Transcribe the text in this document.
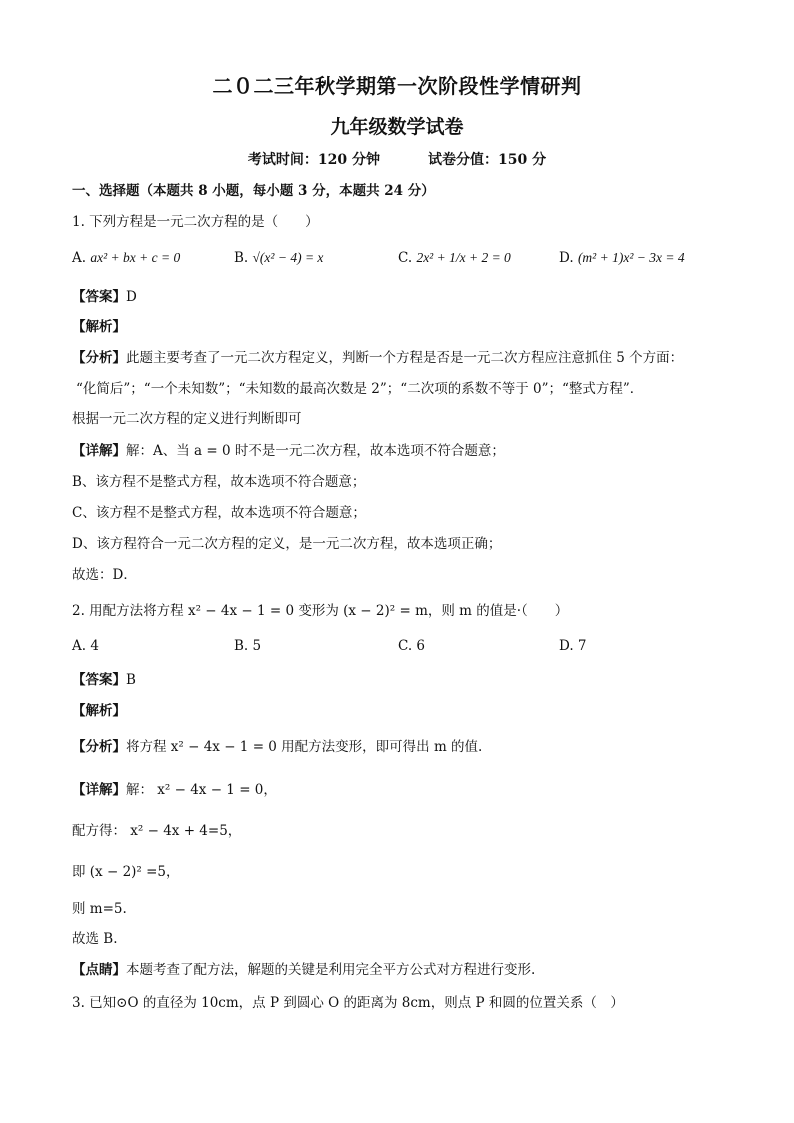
二０二三年秋学期第一次阶段性学情研判
九年级数学试卷
考试时间：120 分钟	试卷分值：150 分
一、选择题（本题共 8 小题，每小题 3 分，本题共 24 分）
1. 下列方程是一元二次方程的是（　　）
A. ax² + bx + c = 0	B. √(x² − 4) = x	C. 2x² + 1/x + 2 = 0	D. (m² + 1)x² − 3x = 4
【答案】D
【解析】
【分析】此题主要考查了一元二次方程定义，判断一个方程是否是一元二次方程应注意抓住 5 个方面：
“化简后”；“一个未知数”；“未知数的最高次数是 2”；“二次项的系数不等于 0”；“整式方程”．
根据一元二次方程的定义进行判断即可
【详解】解：A、当 a = 0 时不是一元二次方程，故本选项不符合题意；
B、该方程不是整式方程，故本选项不符合题意；
C、该方程不是整式方程，故本选项不符合题意；
D、该方程符合一元二次方程的定义，是一元二次方程，故本选项正确；
故选：D．
2. 用配方法将方程 x² − 4x − 1 = 0 变形为 (x − 2)² = m，则 m 的值是·（　　）
A. 4	B. 5	C. 6	D. 7
【答案】B
【解析】
【分析】将方程 x² − 4x − 1 = 0 用配方法变形，即可得出 m 的值.
【详解】解： x² − 4x − 1 = 0，
配方得： x² − 4x + 4=5，
即 (x − 2)² =5，
则 m=5.
故选 B.
【点睛】本题考查了配方法，解题的关键是利用完全平方公式对方程进行变形.
3. 已知⊙O 的直径为 10cm，点 P 到圆心 O 的距离为 8cm，则点 P 和圆的位置关系（　）
